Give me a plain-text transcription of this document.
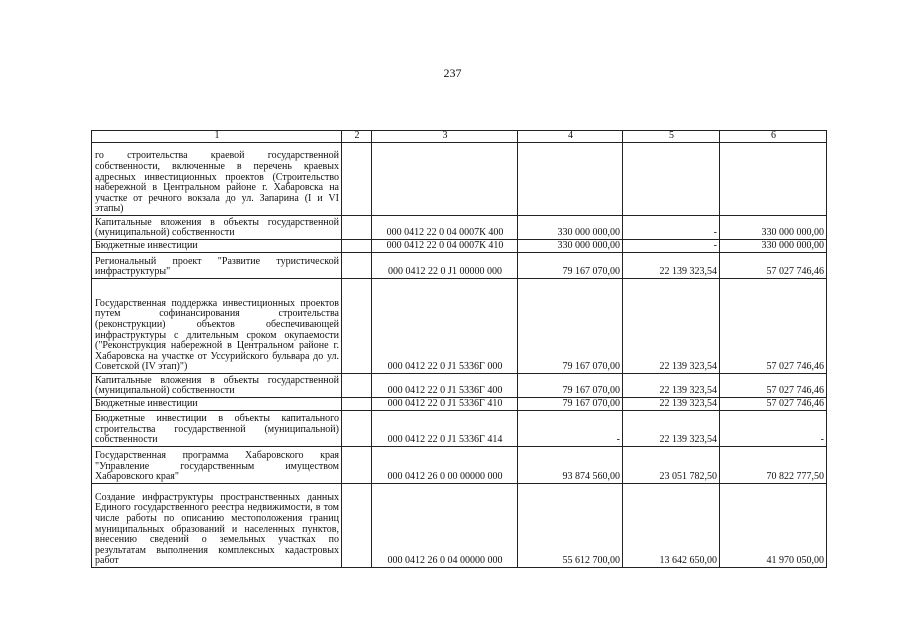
237
1	2	3	4	5	6
го строительства краевой государственной собственности, включенные в перечень краевых адресных инвестиционных проектов (Строительство набережной в Центральном районе г. Хабаровска на участке от речного вокзала до ул. Запарина (I и VI этапы)					
Капитальные вложения в объекты государственной (муниципальной) собственности		000 0412 22 0 04 0007К 400	330 000 000,00	-	330 000 000,00
Бюджетные инвестиции		000 0412 22 0 04 0007К 410	330 000 000,00	-	330 000 000,00
Региональный проект "Развитие туристической инфраструктуры"		000 0412 22 0 J1 00000 000	79 167 070,00	22 139 323,54	57 027 746,46
Государственная поддержка инвестиционных проектов путем софинансирования строительства (реконструкции) объектов обеспечивающей инфраструктуры с длительным сроком окупаемости ("Реконструкция набережной в Центральном районе г. Хабаровска на участке от Уссурийского бульвара до ул. Советской (IV этап)")		000 0412 22 0 J1 5336Г 000	79 167 070,00	22 139 323,54	57 027 746,46
Капитальные вложения в объекты государственной (муниципальной) собственности		000 0412 22 0 J1 5336Г 400	79 167 070,00	22 139 323,54	57 027 746,46
Бюджетные инвестиции		000 0412 22 0 J1 5336Г 410	79 167 070,00	22 139 323,54	57 027 746,46
Бюджетные инвестиции в объекты капитального строительства государственной (муниципальной) собственности		000 0412 22 0 J1 5336Г 414	-	22 139 323,54	-
Государственная программа Хабаровского края "Управление государственным имуществом Хабаровского края"		000 0412 26 0 00 00000 000	93 874 560,00	23 051 782,50	70 822 777,50
Создание инфраструктуры пространственных данных Единого государственного реестра недвижимости, в том числе работы по описанию местоположения границ муниципальных образований и населенных пунктов, внесению сведений о земельных участках по результатам выполнения комплексных кадастровых работ		000 0412 26 0 04 00000 000	55 612 700,00	13 642 650,00	41 970 050,00
